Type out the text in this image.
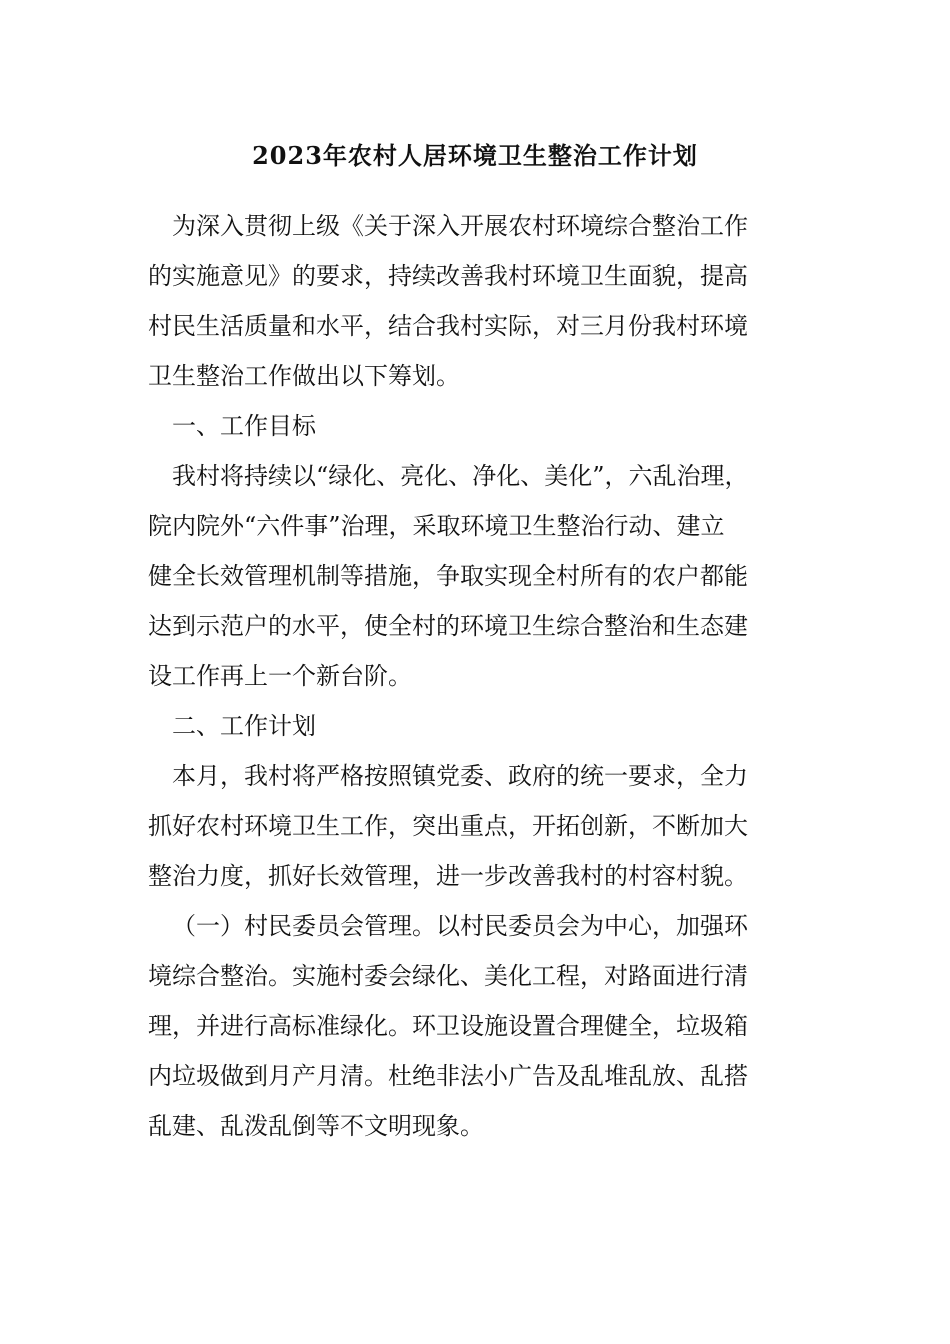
2023年农村人居环境卫生整治工作计划
　为深入贯彻上级《关于深入开展农村环境综合整治工作
的实施意见》的要求，持续改善我村环境卫生面貌，提高
村民生活质量和水平，结合我村实际，对三月份我村环境
卫生整治工作做出以下筹划。
　一、工作目标
　我村将持续以“绿化、亮化、净化、美化”，六乱治理，
院内院外“六件事”治理，采取环境卫生整治行动、建立
健全长效管理机制等措施，争取实现全村所有的农户都能
达到示范户的水平，使全村的环境卫生综合整治和生态建
设工作再上一个新台阶。
　二、工作计划
　本月，我村将严格按照镇党委、政府的统一要求，全力
抓好农村环境卫生工作，突出重点，开拓创新，不断加大
整治力度，抓好长效管理，进一步改善我村的村容村貌。
（一）村民委员会管理。以村民委员会为中心，加强环
境综合整治。实施村委会绿化、美化工程，对路面进行清
理，并进行高标准绿化。环卫设施设置合理健全，垃圾箱
内垃圾做到月产月清。杜绝非法小广告及乱堆乱放、乱搭
乱建、乱泼乱倒等不文明现象。
